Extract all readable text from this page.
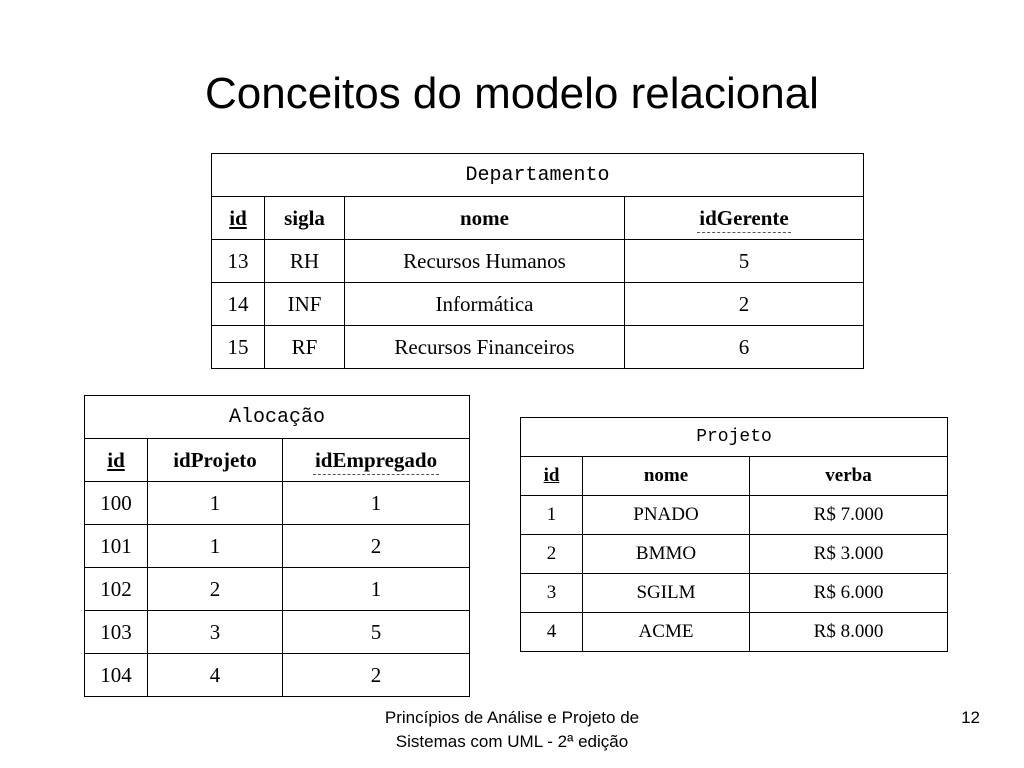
Conceitos do modelo relacional
Departamento			
id	sigla	nome	idGerente
13	RH	Recursos Humanos	5
14	INF	Informática	2
15	RF	Recursos Financeiros	6
Alocação		
id	idProjeto	idEmpregado
100	1	1
101	1	2
102	2	1
103	3	5
104	4	2
Projeto		
id	nome	verba
1	PNADO	R$ 7.000
2	BMMO	R$ 3.000
3	SGILM	R$ 6.000
4	ACME	R$ 8.000
Princípios de Análise e Projeto de
Sistemas com UML - 2ª edição
12
